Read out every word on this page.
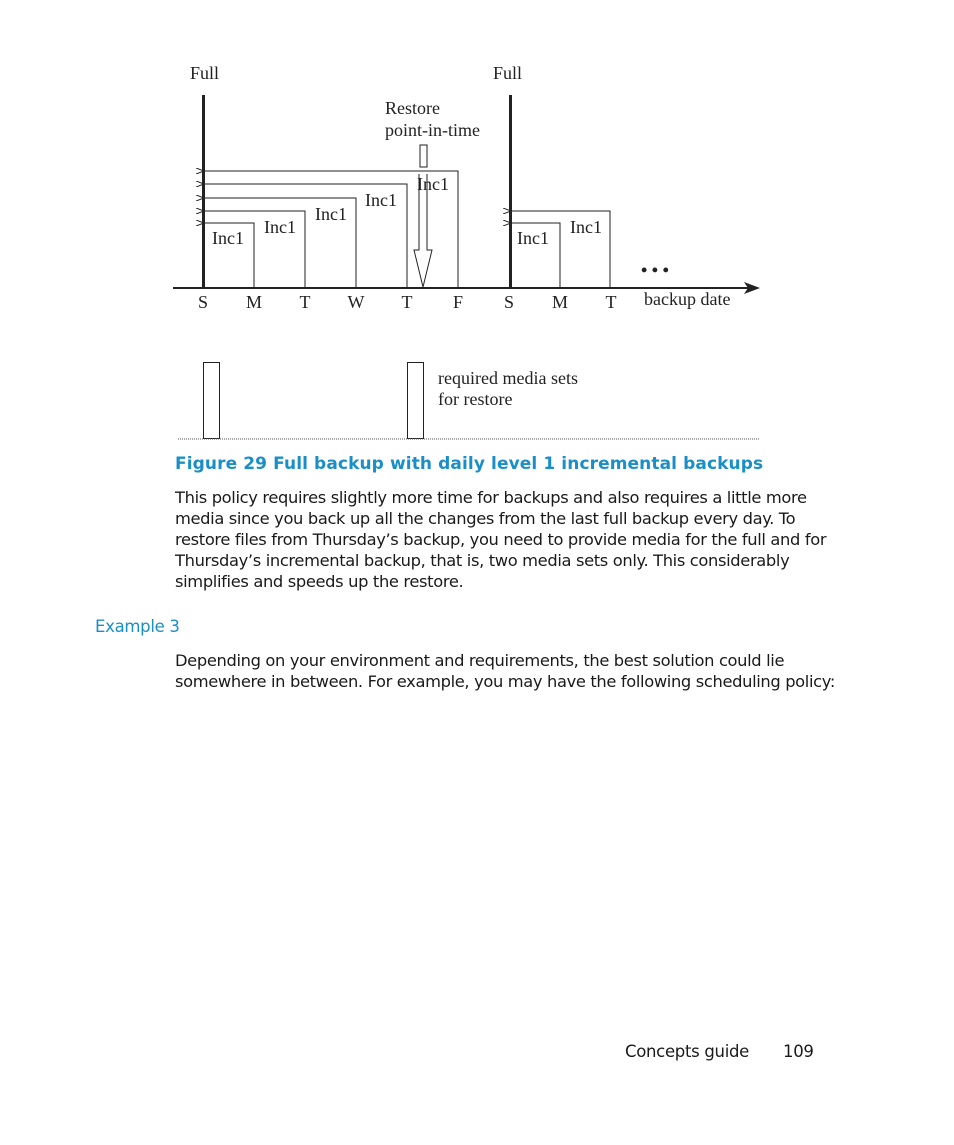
Full	Full
Restore
point-in-time
Inc1
Inc1
Inc1
Inc1
Inc1
Inc1
Inc1
• • •
S M T W T F S M T backup date
required media sets
for restore
Figure 29 Full backup with daily level 1 incremental backups

This policy requires slightly more time for backups and also requires a little more

media since you back up all the changes from the last full backup every day. To

restore files from Thursday’s backup, you need to provide media for the full and for

Thursday’s incremental backup, that is, two media sets only. This considerably

simplifies and speeds up the restore.

Example 3

Depending on your environment and requirements, the best solution could lie

somewhere in between. For example, you may have the following scheduling policy:

Concepts guide 109
